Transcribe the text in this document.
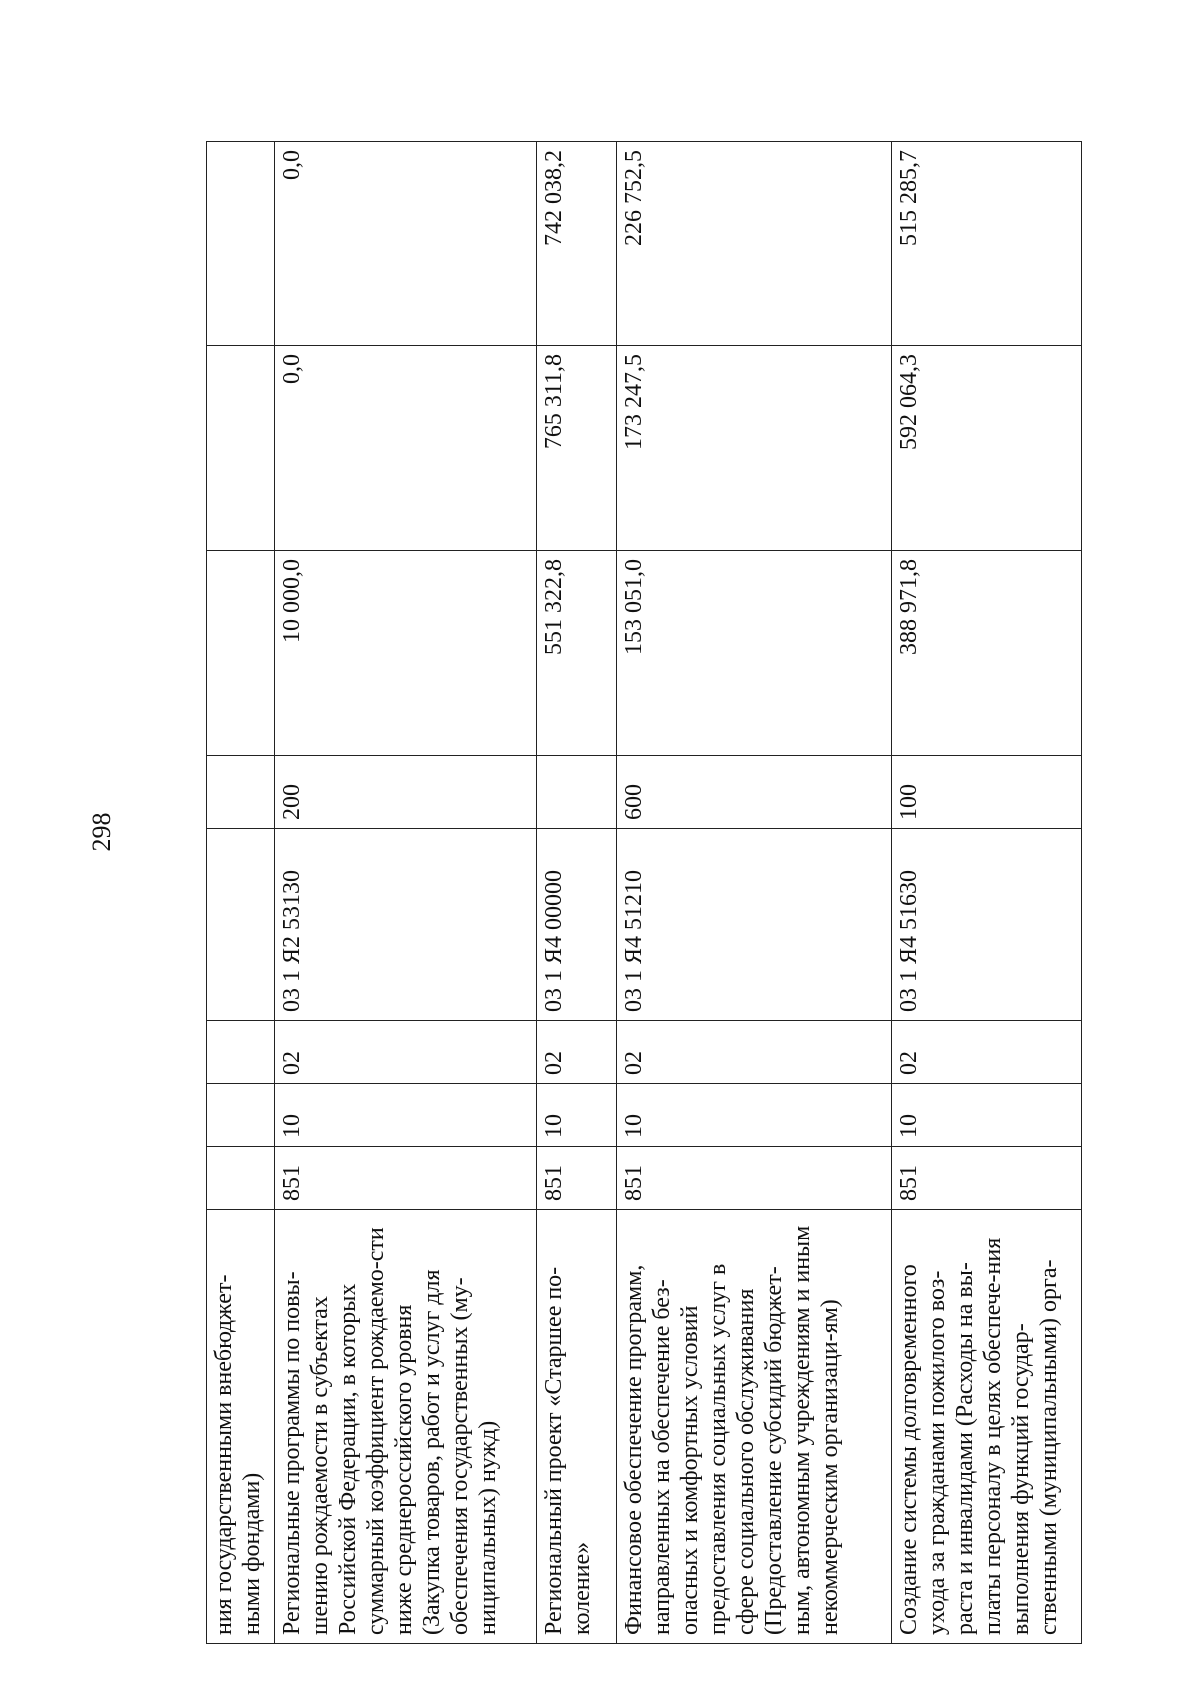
298
ния государственными внебюджет-ными фондами)								
Региональные программы по повы-шению рождаемости в субъектах Российской Федерации, в которых суммарный коэффициент рождаемо-сти ниже среднероссийского уровня (Закупка товаров, работ и услуг для обеспечения государственных (му-ниципальных) нужд)	851	10	02	03 1 Я2 53130	200	10 000,0	0,0	0,0
Региональный проект «Старшее по-коление»	851	10	02	03 1 Я4 00000		551 322,8	765 311,8	742 038,2
Финансовое обеспечение программ, направленных на обеспечение без-опасных и комфортных условий предоставления социальных услуг в сфере социального обслуживания (Предоставление субсидий бюджет-ным, автономным учреждениям и иным некоммерческим организаци-ям)	851	10	02	03 1 Я4 51210	600	153 051,0	173 247,5	226 752,5
Создание системы долговременного ухода за гражданами пожилого воз-раста и инвалидами (Расходы на вы-платы персоналу в целях обеспече-ния выполнения функций государ-ственными (муниципальными) орга-	851	10	02	03 1 Я4 51630	100	388 971,8	592 064,3	515 285,7
